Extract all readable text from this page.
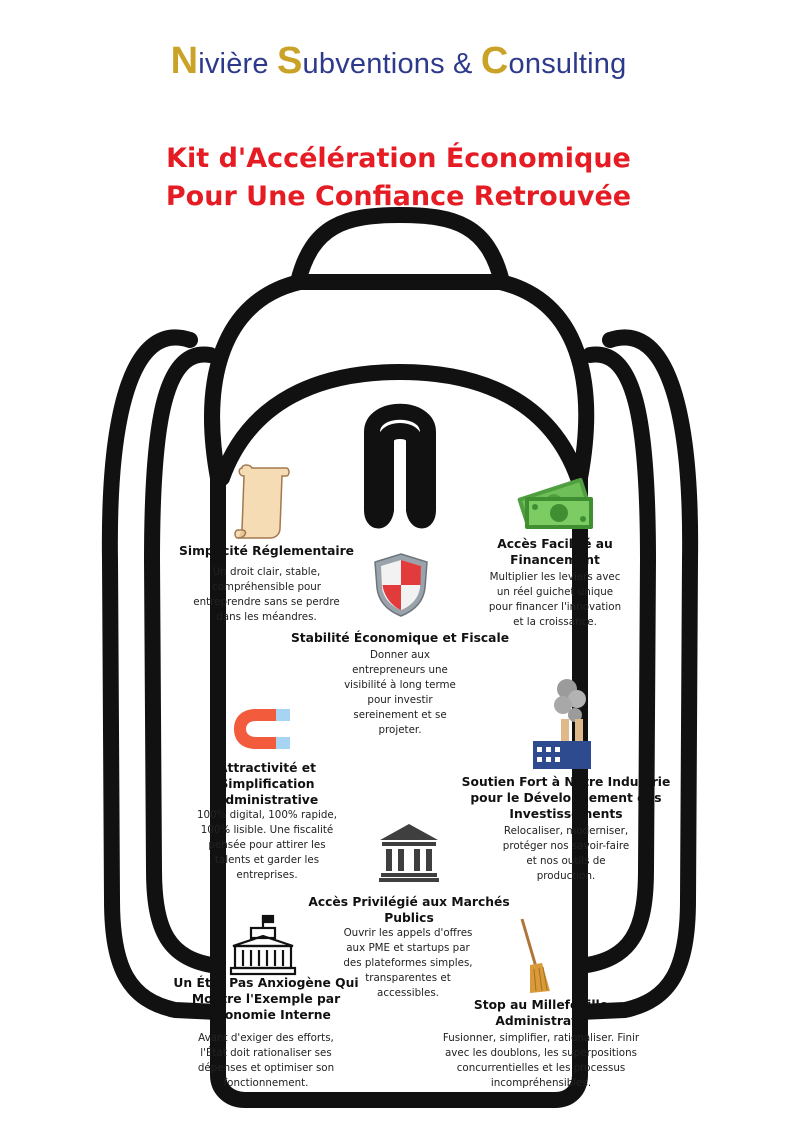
Nivière Subventions & Consulting
Kit d'Accélération Économique
Pour Une Confiance Retrouvée
Simplicité Réglementaire
Un droit clair, stable, compréhensible pour entreprendre sans se perdre dans les méandres.
Accès Facilité au Financement
Multiplier les leviers avec un réel guichet unique pour financer l'innovation et la croissance.
Stabilité Économique et Fiscale
Donner aux entrepreneurs une visibilité à long terme pour investir sereinement et se projeter.
Attractivité et Simplification Administrative
100% digital, 100% rapide, 100% lisible. Une fiscalité pensée pour attirer les talents et garder les entreprises.
Soutien Fort à Notre Industrie pour le Développement des Investissements
Relocaliser, moderniser, protéger nos savoir-faire et nos outils de production.
Accès Privilégié aux Marchés Publics
Ouvrir les appels d'offres aux PME et startups par des plateformes simples, transparentes et accessibles.
Un État Pas Anxiogène Qui Montre l'Exemple par l'Économie Interne
Avant d'exiger des efforts, l'État doit rationaliser ses dépenses et optimiser son fonctionnement.
Stop au Millefeuille Administratif
Fusionner, simplifier, rationaliser. Finir avec les doublons, les superpositions concurrentielles et les processus incompréhensibles.
